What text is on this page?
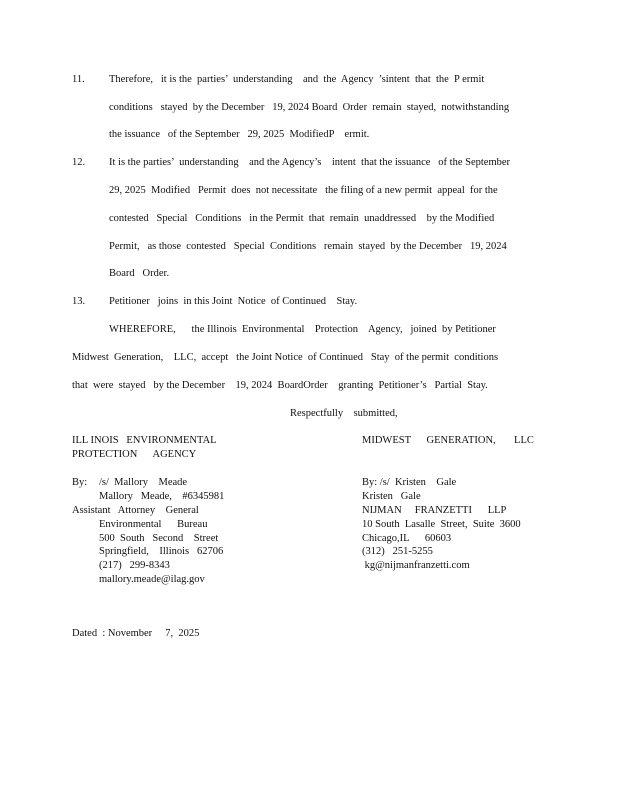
11. Therefore,   it is the  parties’  understanding    and  the  Agency  ’sintent  that  the  P ermit
conditions   stayed  by the December   19, 2024 Board  Order  remain  stayed,  notwithstanding
the issuance   of the September   29, 2025  ModifiedP    ermit.
12. It is the parties’  understanding    and the Agency’s    intent  that the issuance   of the September
29, 2025  Modified   Permit  does  not necessitate   the filing of a new permit  appeal  for the
contested   Special   Conditions   in the Permit  that  remain  unaddressed    by the Modified
Permit,   as those  contested   Special  Conditions   remain  stayed  by the December   19, 2024
Board   Order.
13. Petitioner   joins  in this Joint  Notice  of Continued    Stay.
WHEREFORE,      the Illinois  Environmental    Protection    Agency,   joined  by Petitioner
Midwest  Generation,    LLC,  accept   the Joint Notice  of Continued   Stay  of the permit  conditions
that  were  stayed   by the December    19, 2024  BoardOrder    granting  Petitioner’s   Partial  Stay.
Respectfully    submitted,
ILL INOIS   ENVIRONMENTAL
PROTECTION      AGENCY
By: /s/  Mallory    Meade
Mallory   Meade,    #6345981
Assistant   Attorney    General
Environmental      Bureau
500  South   Second    Street
Springfield,    Illinois   62706
(217)   299-8343
mallory.meade@ilag.gov
MIDWEST      GENERATION,       LLC
By: /s/  Kristen    Gale
Kristen   Gale
NIJMAN     FRANZETTI      LLP
10 South  Lasalle  Street,  Suite  3600
Chicago,IL      60603
(312)   251-5255
kg@nijmanfranzetti.com
Dated  : November     7,  2025
